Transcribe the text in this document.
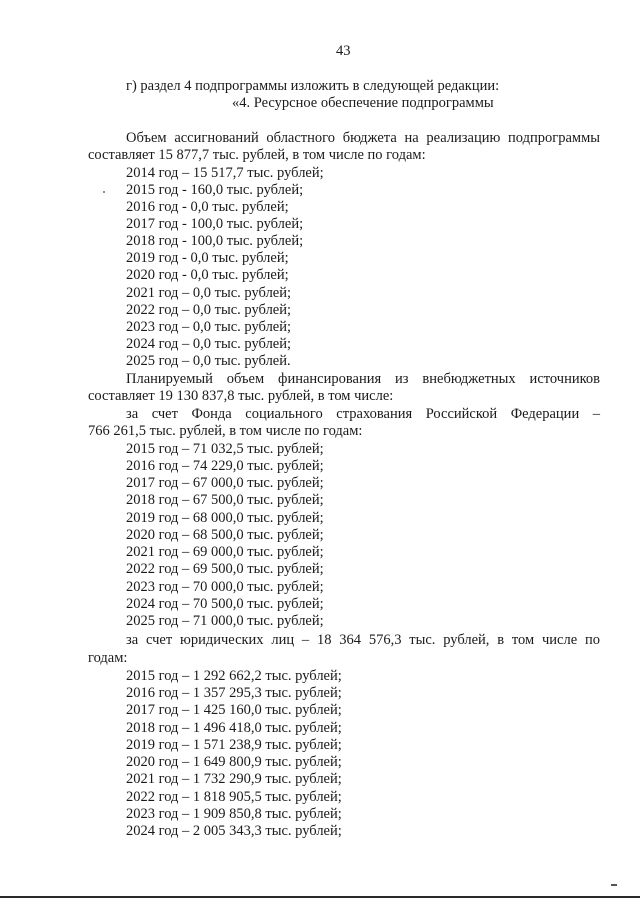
43
г) раздел 4 подпрограммы изложить в следующей редакции:
«4. Ресурсное обеспечение подпрограммы
Объем ассигнований областного бюджета на реализацию подпрограммы
составляет 15 877,7 тыс. рублей, в том числе по годам:
2014 год – 15 517,7 тыс. рублей;
2015 год - 160,0 тыс. рублей;
2016 год - 0,0 тыс. рублей;
2017 год - 100,0 тыс. рублей;
2018 год - 100,0 тыс. рублей;
2019 год - 0,0 тыс. рублей;
2020 год - 0,0 тыс. рублей;
2021 год – 0,0 тыс. рублей;
2022 год – 0,0 тыс. рублей;
2023 год – 0,0 тыс. рублей;
2024 год – 0,0 тыс. рублей;
2025 год – 0,0 тыс. рублей.
Планируемый объем финансирования из внебюджетных источников
составляет 19 130 837,8 тыс. рублей, в том числе:
за счет Фонда социального страхования Российской Федерации –
766 261,5 тыс. рублей, в том числе по годам:
2015 год – 71 032,5 тыс. рублей;
2016 год – 74 229,0 тыс. рублей;
2017 год – 67 000,0 тыс. рублей;
2018 год – 67 500,0 тыс. рублей;
2019 год – 68 000,0 тыс. рублей;
2020 год – 68 500,0 тыс. рублей;
2021 год – 69 000,0 тыс. рублей;
2022 год – 69 500,0 тыс. рублей;
2023 год – 70 000,0 тыс. рублей;
2024 год – 70 500,0 тыс. рублей;
2025 год – 71 000,0 тыс. рублей;
за счет юридических лиц – 18 364 576,3 тыс. рублей, в том числе по
годам:
2015 год – 1 292 662,2 тыс. рублей;
2016 год – 1 357 295,3 тыс. рублей;
2017 год – 1 425 160,0 тыс. рублей;
2018 год – 1 496 418,0 тыс. рублей;
2019 год – 1 571 238,9 тыс. рублей;
2020 год – 1 649 800,9 тыс. рублей;
2021 год – 1 732 290,9 тыс. рублей;
2022 год – 1 818 905,5 тыс. рублей;
2023 год – 1 909 850,8 тыс. рублей;
2024 год – 2 005 343,3 тыс. рублей;
